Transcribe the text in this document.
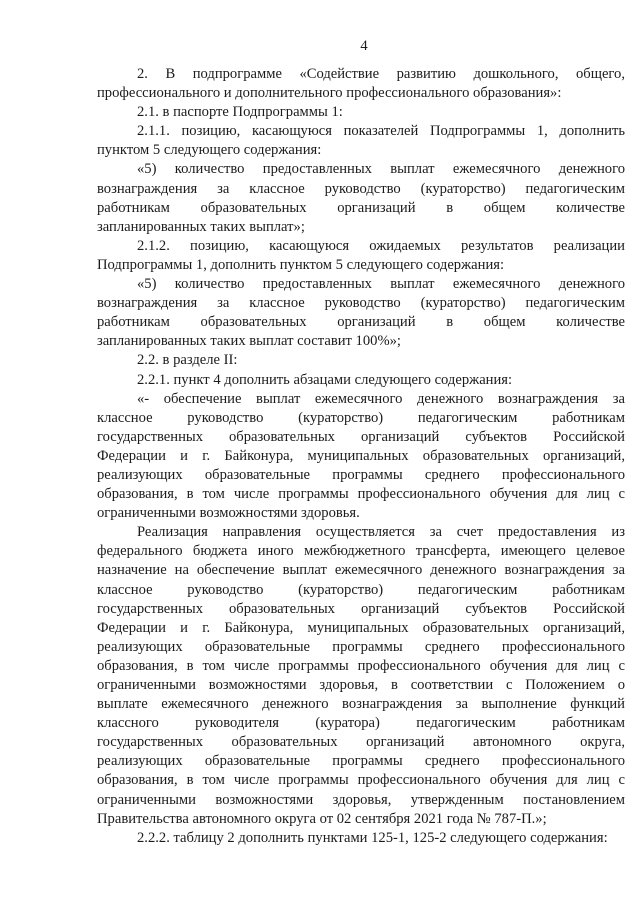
4
2. В подпрограмме «Содействие развитию дошкольного, общего,
профессионального и дополнительного профессионального образования»:
2.1. в паспорте Подпрограммы 1:
2.1.1. позицию, касающуюся показателей Подпрограммы 1, дополнить
пунктом 5 следующего содержания:
«5) количество предоставленных выплат ежемесячного денежного
вознаграждения за классное руководство (кураторство) педагогическим
работникам образовательных организаций в общем количестве
запланированных таких выплат»;
2.1.2. позицию, касающуюся ожидаемых результатов реализации
Подпрограммы 1, дополнить пунктом 5 следующего содержания:
«5) количество предоставленных выплат ежемесячного денежного
вознаграждения за классное руководство (кураторство) педагогическим
работникам образовательных организаций в общем количестве
запланированных таких выплат составит 100%»;
2.2. в разделе II:
2.2.1. пункт 4 дополнить абзацами следующего содержания:
«- обеспечение выплат ежемесячного денежного вознаграждения за
классное руководство (кураторство) педагогическим работникам
государственных образовательных организаций субъектов Российской
Федерации и г. Байконура, муниципальных образовательных организаций,
реализующих образовательные программы среднего профессионального
образования, в том числе программы профессионального обучения для лиц с
ограниченными возможностями здоровья.
Реализация направления осуществляется за счет предоставления из
федерального бюджета иного межбюджетного трансферта, имеющего целевое
назначение на обеспечение выплат ежемесячного денежного вознаграждения за
классное руководство (кураторство) педагогическим работникам
государственных образовательных организаций субъектов Российской
Федерации и г. Байконура, муниципальных образовательных организаций,
реализующих образовательные программы среднего профессионального
образования, в том числе программы профессионального обучения для лиц с
ограниченными возможностями здоровья, в соответствии с Положением о
выплате ежемесячного денежного вознаграждения за выполнение функций
классного руководителя (куратора) педагогическим работникам
государственных образовательных организаций автономного округа,
реализующих образовательные программы среднего профессионального
образования, в том числе программы профессионального обучения для лиц с
ограниченными возможностями здоровья, утвержденным постановлением
Правительства автономного округа от 02 сентября 2021 года № 787-П.»;
2.2.2. таблицу 2 дополнить пунктами 125-1, 125-2 следующего содержания:
